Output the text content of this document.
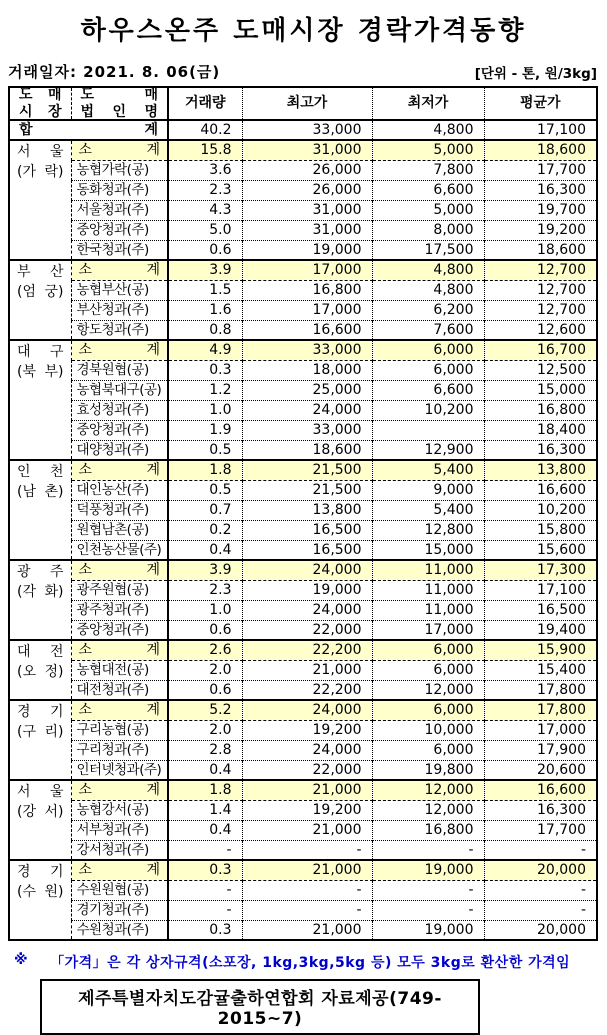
하우스온주 도매시장 경락가격동향
거래일자: 2021. 8. 06(금)	[단위 - 톤, 원/3kg]
도 매
시 장

도	매
법 인 명
	거래량	최고가	최저가	평균가

합 계		40.2	33,000	4,800	17,100

서 울
(가 락)

소	계	15.8	31,000	5,000	18,600
	농협가락(공)	3.6	26,000	7,800	17,700
	동화청과(주)	2.3	26,000	6,600	16,300
	서울청과(주)	4.3	31,000	5,000	19,700
	중앙청과(주)	5.0	31,000	8,000	19,200
	한국청과(주)	0.6	19,000	17,500	18,600

부 산
(엄 궁)

소	계	3.9	17,000	4,800	12,700
	농협부산(공)	1.5	16,800	4,800	12,700
	부산청과(주)	1.6	17,000	6,200	12,700
	항도청과(주)	0.8	16,600	7,600	12,600

대 구
(북 부)

소	계	4.9	33,000	6,000	16,700
	경북원협(공)	0.3	18,000	6,000	12,500
	농협북대구(공)	1.2	25,000	6,600	15,000
	효성청과(주)	1.0	24,000	10,200	16,800
	중앙청과(주)	1.9	33,000		18,400
	대양청과(주)	0.5	18,600	12,900	16,300

인 천
(남 촌)

소	계	1.8	21,500	5,400	13,800
	대인농산(주)	0.5	21,500	9,000	16,600
	덕풍청과(주)	0.7	13,800	5,400	10,200
	원협남촌(공)	0.2	16,500	12,800	15,800
	인천농산물(주)	0.4	16,500	15,000	15,600

광 주
(각 화)

소	계	3.9	24,000	11,000	17,300
	광주원협(공)	2.3	19,000	11,000	17,100
	광주청과(주)	1.0	24,000	11,000	16,500
	중앙청과(주)	0.6	22,000	17,000	19,400

대 전
(오 정)

소	계	2.6	22,200	6,000	15,900
	농협대전(공)	2.0	21,000	6,000	15,400
	대전청과(주)	0.6	22,200	12,000	17,800

경 기
(구 리)

소	계	5.2	24,000	6,000	17,800
	구리농협(공)	2.0	19,200	10,000	17,000
	구리청과(주)	2.8	24,000	6,000	17,900
	인터넷청과(주)	0.4	22,000	19,800	20,600

서 울
(강 서)

소	계	1.8	21,000	12,000	16,600
	농협강서(공)	1.4	19,200	12,000	16,300
	서부청과(주)	0.4	21,000	16,800	17,700
	강서청과(주)	-	-	-	-

경 기
(수 원)

소	계	0.3	21,000	19,000	20,000
	수원원협(공)	-	-	-	-
	경기청과(주)	-	-	-	-
	수원청과(주)	0.3	21,000	19,000	20,000
※ 「가격」은 각 상자규격(소포장, 1kg,3kg,5kg 등) 모두 3kg로 환산한 가격임
제주특별자치도감귤출하연합회 자료제공(749-2015~7)
